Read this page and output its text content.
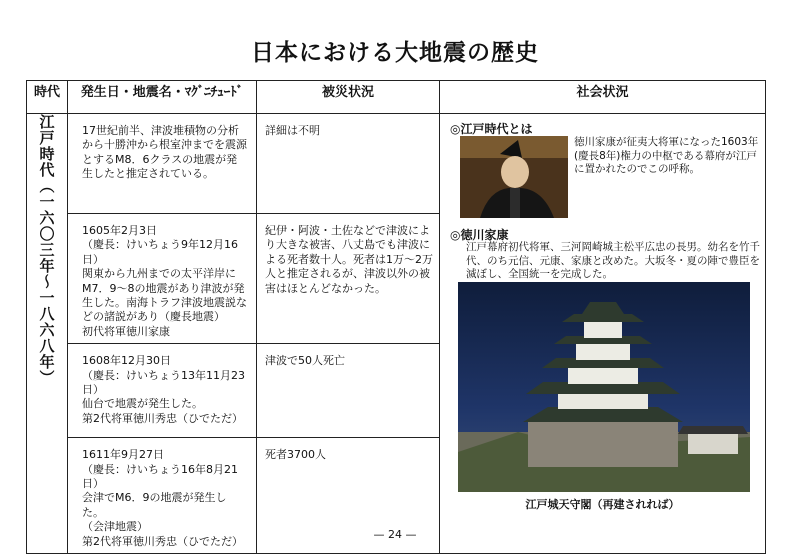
日本における大地震の歴史
時代	発生日・地震名・ﾏｸﾞﾆﾁｭｰﾄﾞ	被災状況	社会状況
江戸時代（一六〇三年〜一八六八年）	17世紀前半、津波堆積物の分析から十勝沖から根室沖までを震源とするM8．6クラスの地震が発生したと推定されている。	詳細は不明	◎江戸時代とは
徳川家康が征夷大将軍になった1603年(慶長8年)権力の中枢である幕府が江戸に置かれたのでこの呼称。
◎徳川家康
江戸幕府初代将軍、三河岡崎城主松平広忠の長男。幼名を竹千代、のち元信、元康、家康と改めた。大坂冬・夏の陣で豊臣を滅ぼし、全国統一を完成した。
江戸城天守閣（再建されれば）

	1605年2月3日
（慶長：けいちょう9年12月16日）
関東から九州までの太平洋岸にM7．9〜8の地震があり津波が発生した。南海トラフ津波地震説などの諸説があり（慶長地震）
初代将軍徳川家康	紀伊・阿波・土佐などで津波により大きな被害、八丈島でも津波による死者数十人。死者は1万〜2万人と推定されるが、津波以外の被害はほとんどなかった。	

	1608年12月30日
（慶長：けいちょう13年11月23日）
仙台で地震が発生した。
第2代将軍徳川秀忠（ひでただ）	津波で50人死亡	

	1611年9月27日
（慶長：けいちょう16年8月21日）
会津でM6．9の地震が発生した。
（会津地震）
第2代将軍徳川秀忠（ひでただ）	死者3700人	
— 24 —
